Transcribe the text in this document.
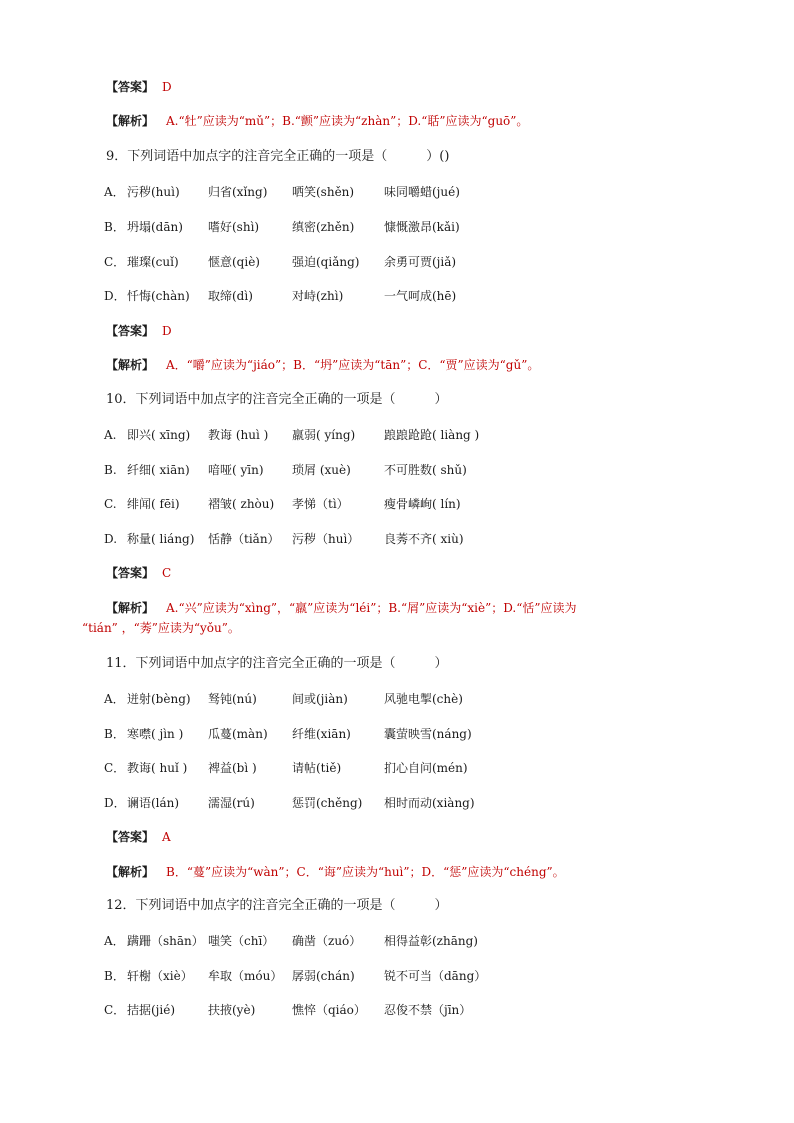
【答案】 D
【解析】 A.“牡”应读为“mǔ”；B.“颤”应读为“zhàn”；D.“聒”应读为“guō”。
9．下列词语中加点字的注音完全正确的一项是（　　　）()
A． 污秽(huì) 归省(xǐng) 哂笑(shěn) 味同嚼蜡(jué)
B． 坍塌(dān) 嗜好(shì)	缜密(zhěn) 慷慨激昂(kǎi)
C． 璀璨(cuǐ) 惬意(qiè)	强迫(qiǎng) 余勇可贾(jiǎ)
D． 忏悔(chàn) 取缔(dì)	对峙(zhì)	一气呵成(hē)
【答案】 D
【解析】 A．“嚼”应读为“jiáo”；B．“坍”应读为“tān”；C．“贾”应读为“gǔ”。
10．下列词语中加点字的注音完全正确的一项是（　　　）
A. 即兴( xīng) 教诲 (huì ) 羸弱( yíng) 踉踉跄跄( liàng )
B. 纤细( xiān) 喑哑( yīn) 琐屑 (xuè)	不可胜数( shǔ)
C. 绯闻( fēi) 褶皱( zhòu) 孝悌（tì）	瘦骨嶙峋( lín)
D. 称量( liáng) 恬静（tiǎn） 污秽（huì） 良莠不齐( xiù)
【答案】 C
【解析】 A.“兴”应读为“xìng”，“羸”应读为“léi”；B.“屑”应读为“xiè”；D.“恬”应读为
“tián” ，“莠”应读为“yǒu”。
11．下列词语中加点字的注音完全正确的一项是（　　　）
A． 迸射(bèng) 驽钝(nú)	间或(jiàn)	风驰电掣(chè)
B． 寒噤( jìn ) 瓜蔓(màn) 纤维(xiān)	囊萤映雪(náng)
C． 教诲( huǐ ) 裨益(bì )	请帖(tiě)	扪心自问(mén)
D． 谰语(lán) 濡湿(rú)	惩罚(chěng) 相时而动(xiàng)
【答案】 A
【解析】 B．“蔓”应读为“wàn”；C．“诲”应读为“huì”；D．“惩”应读为“chéng”。
12．下列词语中加点字的注音完全正确的一项是（　　　）
A． 蹒跚（shān） 嗤笑（chī） 确凿（zuó） 相得益彰(zhāng)
B． 轩榭（xiè） 牟取（móu） 孱弱(chán) 锐不可当（dāng）
C． 拮据(jié)	扶掖(yè)	憔悴（qiáo） 忍俊不禁（jīn）
